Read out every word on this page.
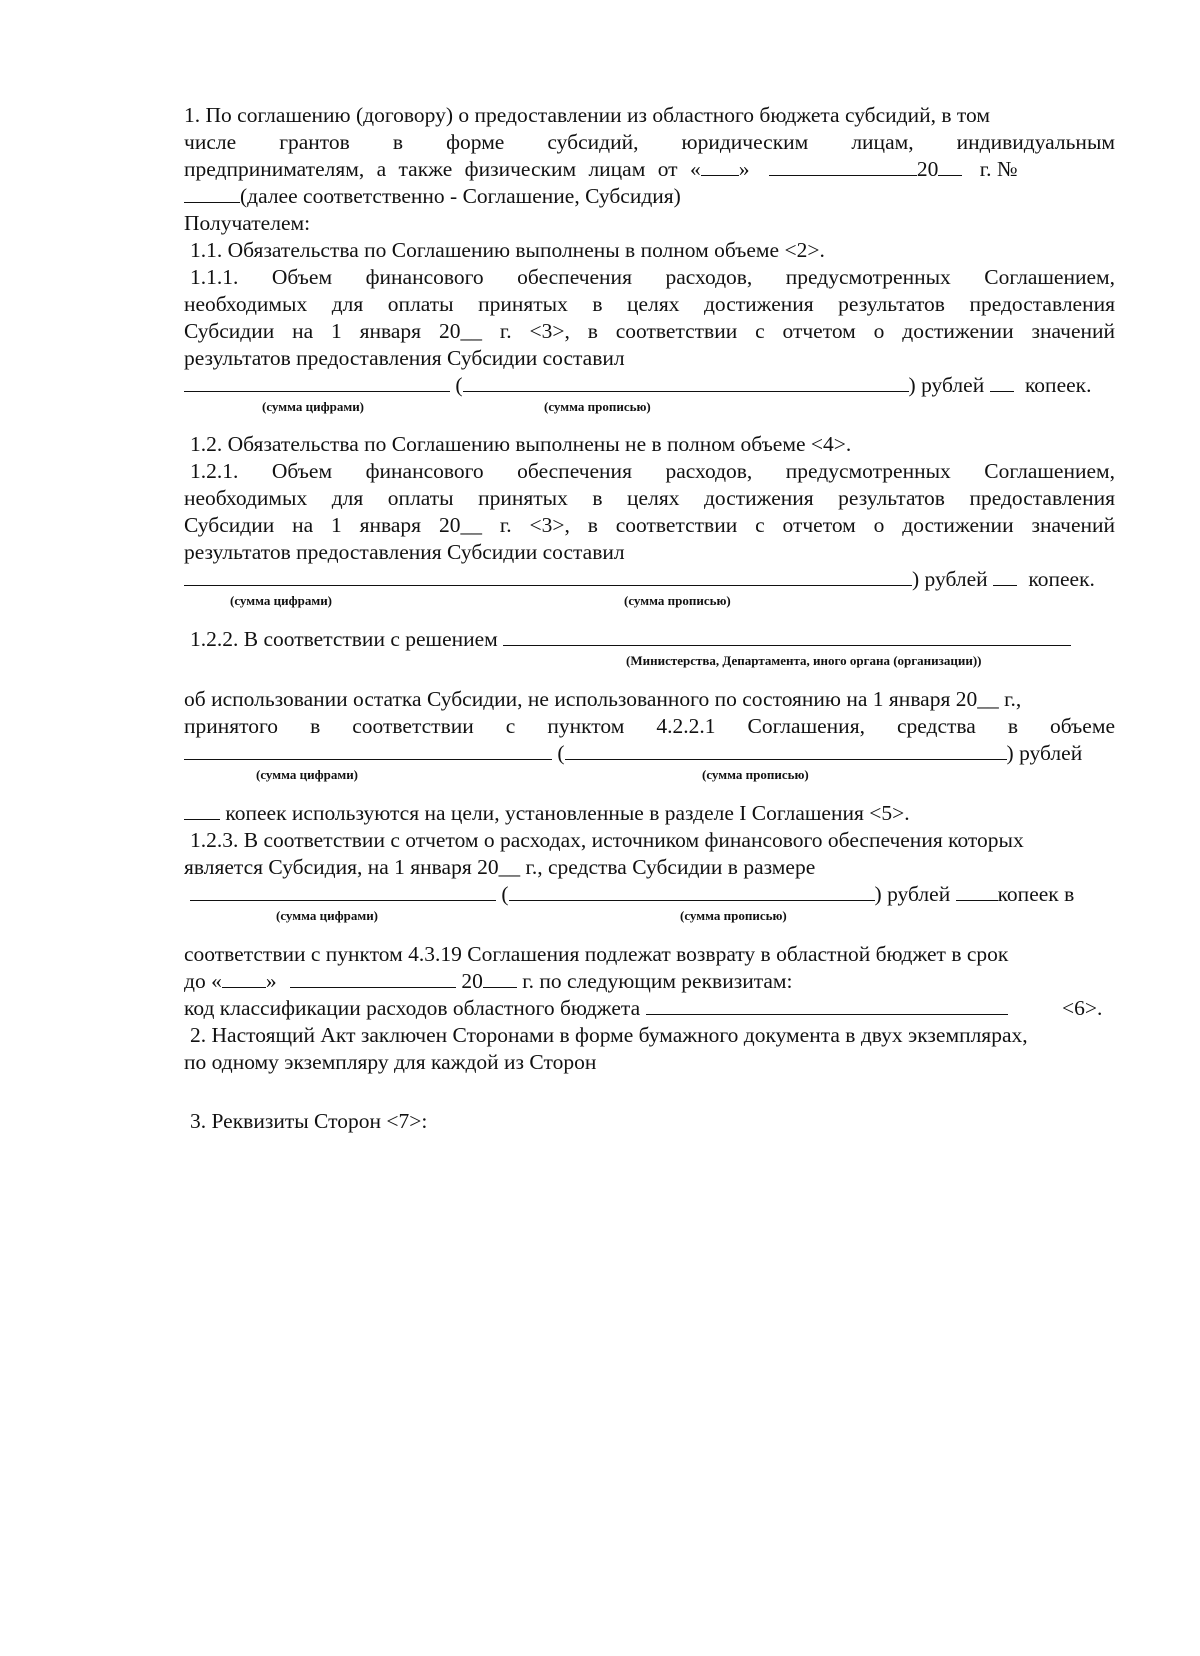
1. По соглашению (договору) о предоставлении из областного бюджета субсидий, в том
числе грантов в форме субсидий, юридическим лицам, индивидуальным
предпринимателям, а также физическим лицам от « »	20 г. №
(далее соответственно - Соглашение, Субсидия)
Получателем:
1.1. Обязательства по Соглашению выполнены в полном объеме <2>.
1.1.1. Объем финансового обеспечения расходов, предусмотренных Соглашением,
необходимых для оплаты принятых в целях достижения результатов предоставления
Субсидии на 1 января 20__ г. <3>, в соответствии с отчетом о достижении значений
результатов предоставления Субсидии составил
(	) рублей копеек.
(сумма цифрами)	(сумма прописью)
1.2. Обязательства по Соглашению выполнены не в полном объеме <4>.
1.2.1. Объем финансового обеспечения расходов, предусмотренных Соглашением,
необходимых для оплаты принятых в целях достижения результатов предоставления
Субсидии на 1 января 20__ г. <3>, в соответствии с отчетом о достижении значений
результатов предоставления Субсидии составил
) рублей копеек.
(сумма цифрами)	(сумма прописью)
1.2.2. В соответствии с решением
(Министерства, Департамента, иного органа (организации))
об использовании остатка Субсидии, не использованного по состоянию на 1 января 20__ г.,
принятого в соответствии с пунктом 4.2.2.1 Соглашения, средства в объеме
(	) рублей
(сумма цифрами)	(сумма прописью)
копеек используются на цели, установленные в разделе I Соглашения <5>.
1.2.3. В соответствии с отчетом о расходах, источником финансового обеспечения которых
является Субсидия, на 1 января 20__ г., средства Субсидии в размере
(	) рублей копеек в
(сумма цифрами)	(сумма прописью)
соответствии с пунктом 4.3.19 Соглашения подлежат возврату в областной бюджет в срок
до « »	20 г. по следующим реквизитам:
код классификации расходов областного бюджета	<6>.
2. Настоящий Акт заключен Сторонами в форме бумажного документа в двух экземплярах,
по одному экземпляру для каждой из Сторон
3. Реквизиты Сторон <7>:
